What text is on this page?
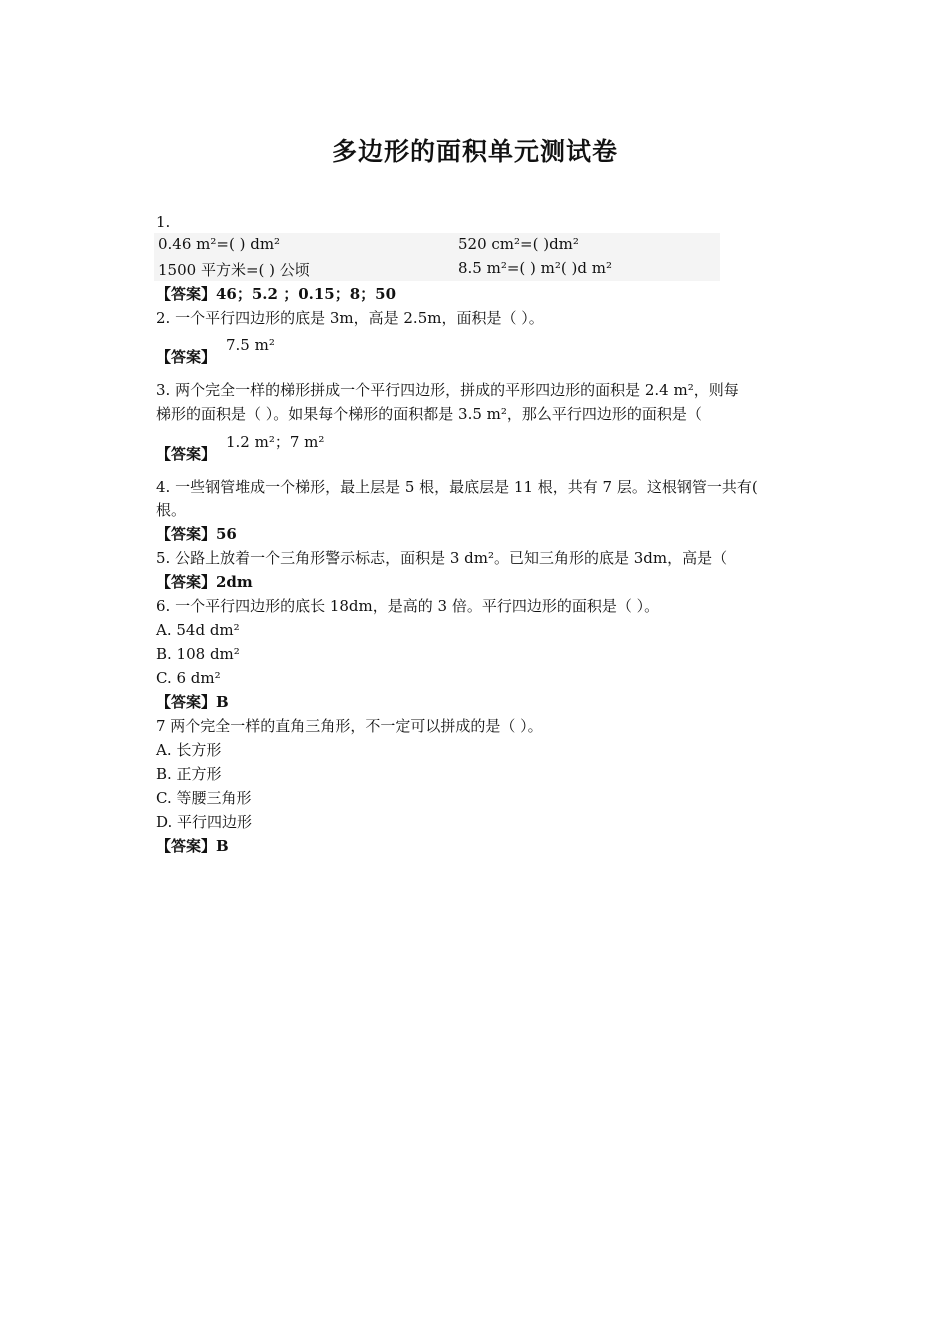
多边形的面积单元测试卷
1.
0.46 m²=( ) dm²	520 cm²=( )dm²
1500 平方米=( ) 公顷	8.5 m²=( ) m²( )d m²
【答案】46；5.2 ；0.15；8；50
2. 一个平行四边形的底是 3m，高是 2.5m，面积是（ ）。
【答案】
7.5 m²
3. 两个完全一样的梯形拼成一个平行四边形，拼成的平形四边形的面积是 2.4 m²，则每
梯形的面积是（ ）。如果每个梯形的面积都是 3.5 m²，那么平行四边形的面积是（
【答案】
1.2 m²；7 m²
4. 一些钢管堆成一个梯形，最上层是 5 根，最底层是 11 根，共有 7 层。这根钢管一共有(
根。
【答案】56
5. 公路上放着一个三角形警示标志，面积是 3 dm²。已知三角形的底是 3dm，高是（
【答案】2dm
6. 一个平行四边形的底长 18dm，是高的 3 倍。平行四边形的面积是（ ）。
A. 54d dm²
B. 108 dm²
C. 6 dm²
【答案】B
7 两个完全一样的直角三角形，不一定可以拼成的是（ ）。
A. 长方形
B. 正方形
C. 等腰三角形
D. 平行四边形
【答案】B
